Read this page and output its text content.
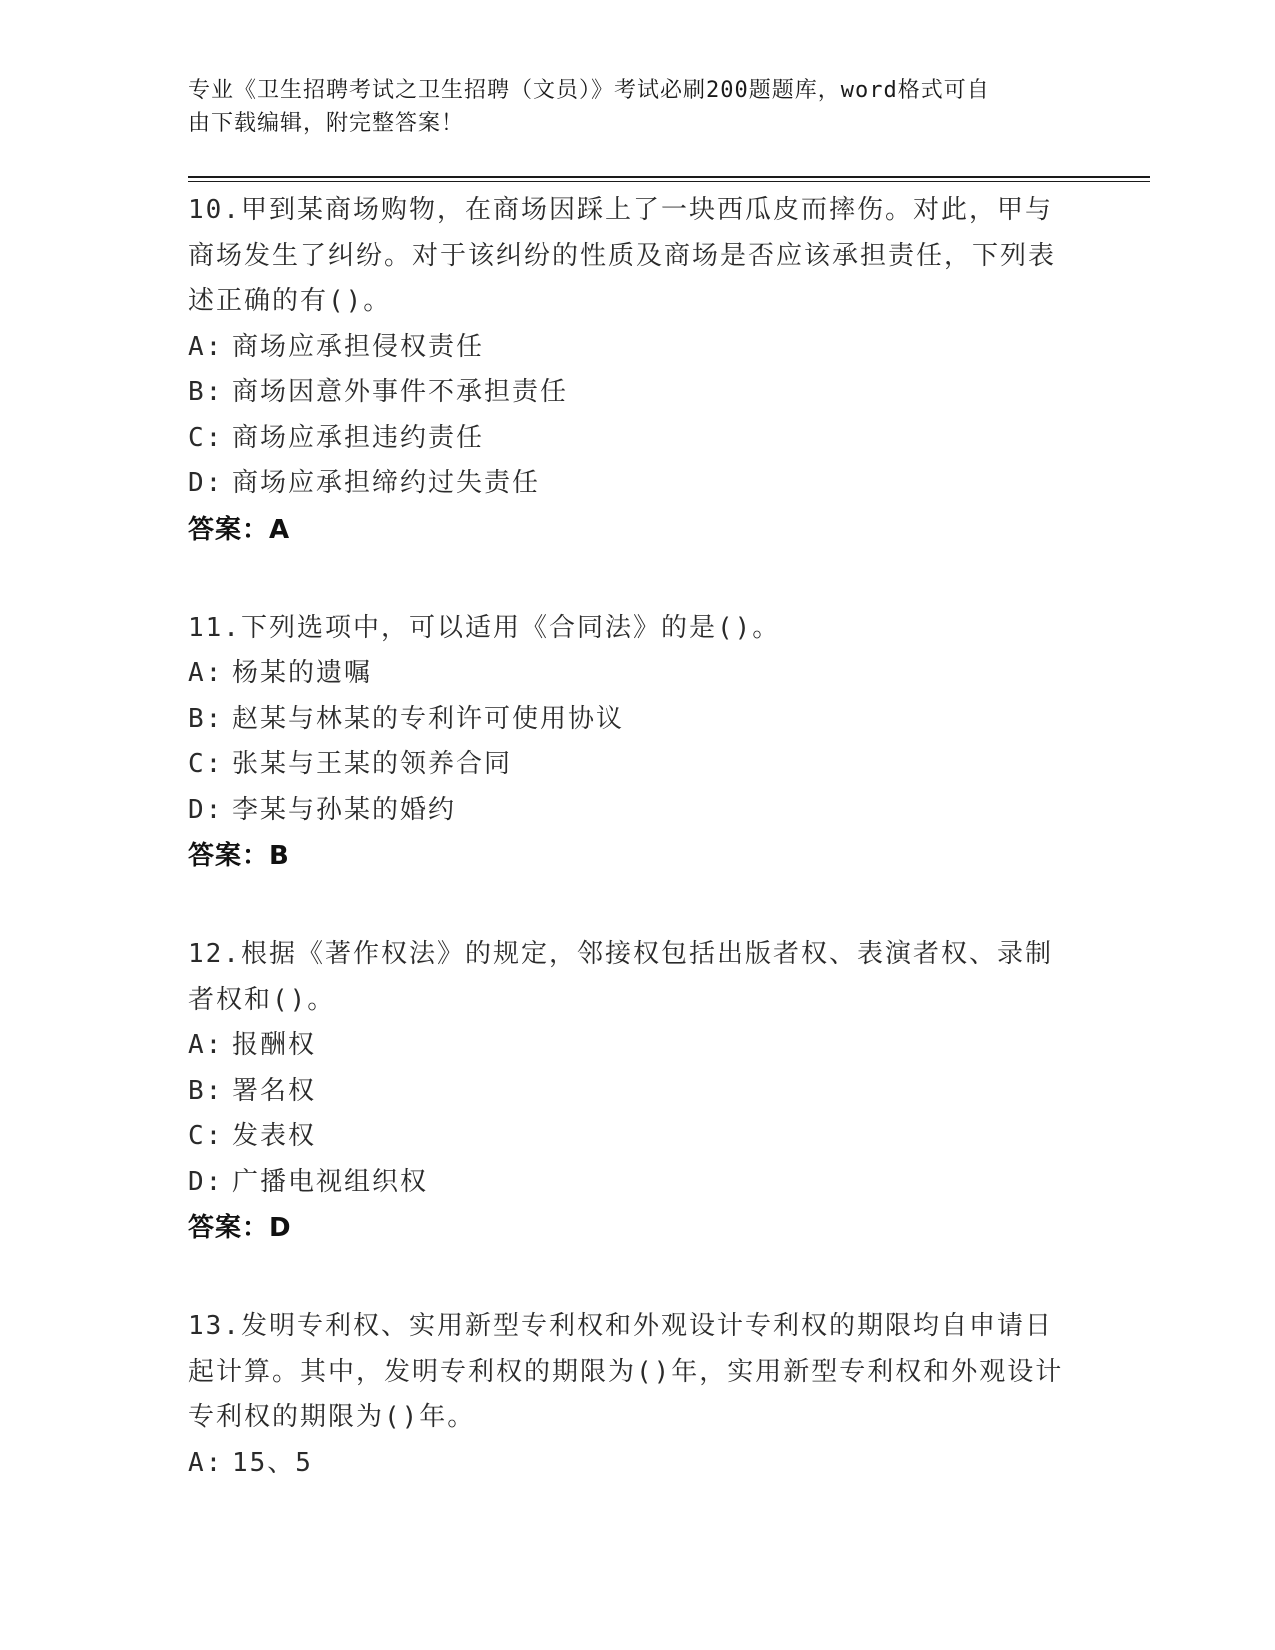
专业《卫生招聘考试之卫生招聘（文员）》考试必刷200题题库，word格式可自
由下载编辑，附完整答案！

10.甲到某商场购物，在商场因踩上了一块西瓜皮而摔伤。对此，甲与商场发生了纠纷。对于该纠纷的性质及商场是否应该承担责任，下列表述正确的有()。

A: 商场应承担侵权责任

B: 商场因意外事件不承担责任

C: 商场应承担违约责任

D: 商场应承担缔约过失责任

答案：A

11.下列选项中，可以适用《合同法》的是()。

A: 杨某的遗嘱

B: 赵某与林某的专利许可使用协议

C: 张某与王某的领养合同

D: 李某与孙某的婚约

答案：B

12.根据《著作权法》的规定，邻接权包括出版者权、表演者权、录制者权和()。

A: 报酬权

B: 署名权

C: 发表权

D: 广播电视组织权

答案：D

13.发明专利权、实用新型专利权和外观设计专利权的期限均自申请日起计算。其中，发明专利权的期限为()年，实用新型专利权和外观设计专利权的期限为()年。

A: 15、5
